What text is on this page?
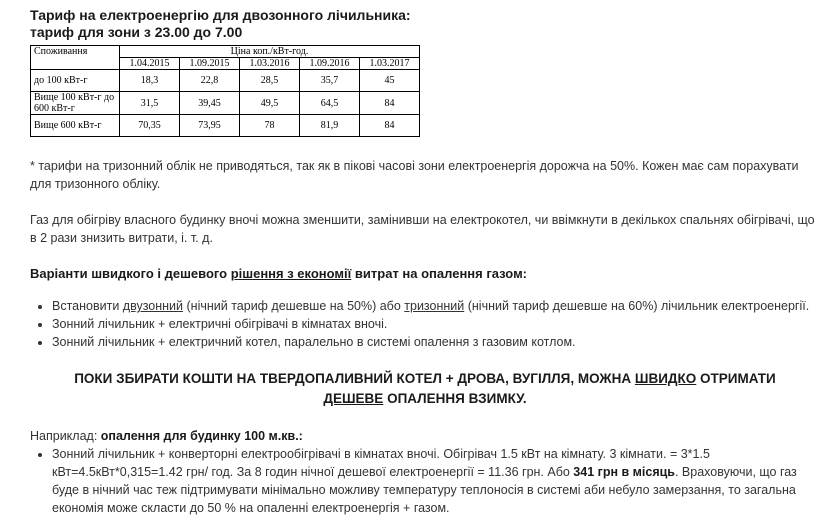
Тариф на електроенергію для двозонного лічильника:
тариф для зони з 23.00 до 7.00
Споживання	Ціна коп./кВт-год.				
	1.04.2015	1.09.2015	1.03.2016	1.09.2016	1.03.2017
до 100 кВт-г	18,3	22,8	28,5	35,7	45
Вище 100 кВт-г до 600 кВт-г	31,5	39,45	49,5	64,5	84
Вище 600 кВт-г	70,35	73,95	78	81,9	84

* тарифи на тризонний облік не приводяться, так як в пікові часові зони електроенергія дорожча на 50%. Кожен має сам порахувати для тризонного обліку.

Газ для обігріву власного будинку вночі можна зменшити, замінивши на електрокотел, чи ввімкнути в декількох спальнях обігрівачі, що в 2 рази знизить витрати, і. т. д.

Варіанти швидкого і дешевого рішення з економії витрат на опалення газом:
• Встановити двузонний (нічний тариф дешевше на 50%) або тризонний (нічний тариф дешевше на 60%) лічильник електроенергії.
• Зонний лічильник + електричні обігрівачі в кімнатах вночі.
• Зонний лічильник + електричний котел, паралельно в системі опалення з газовим котлом.
ПОКИ ЗБИРАТИ КОШТИ НА ТВЕРДОПАЛИВНИЙ КОТЕЛ + ДРОВА, ВУГІЛЛЯ, МОЖНА ШВИДКО ОТРИМАТИ ДЕШЕВЕ ОПАЛЕННЯ ВЗИМКУ.

Наприклад: опалення для будинку 100 м.кв.:

• Зонний лічильник + конверторні електрообігрівачі в кімнатах вночі. Обігрівач 1.5 кВт на кімнату. 3 кімнати. = 3*1.5 кВт=4.5кВт*0,315=1.42 грн/ год. За 8 годин нічної дешевої електроенергії = 11.36 грн. Або 341 грн в місяць. Враховуючи, що газ буде в нічний час теж підтримувати мінімально можливу температуру теплоносія в системі аби небуло замерзання, то загальна економія може скласти до 50 % на опаленні електроенергія + газом.
